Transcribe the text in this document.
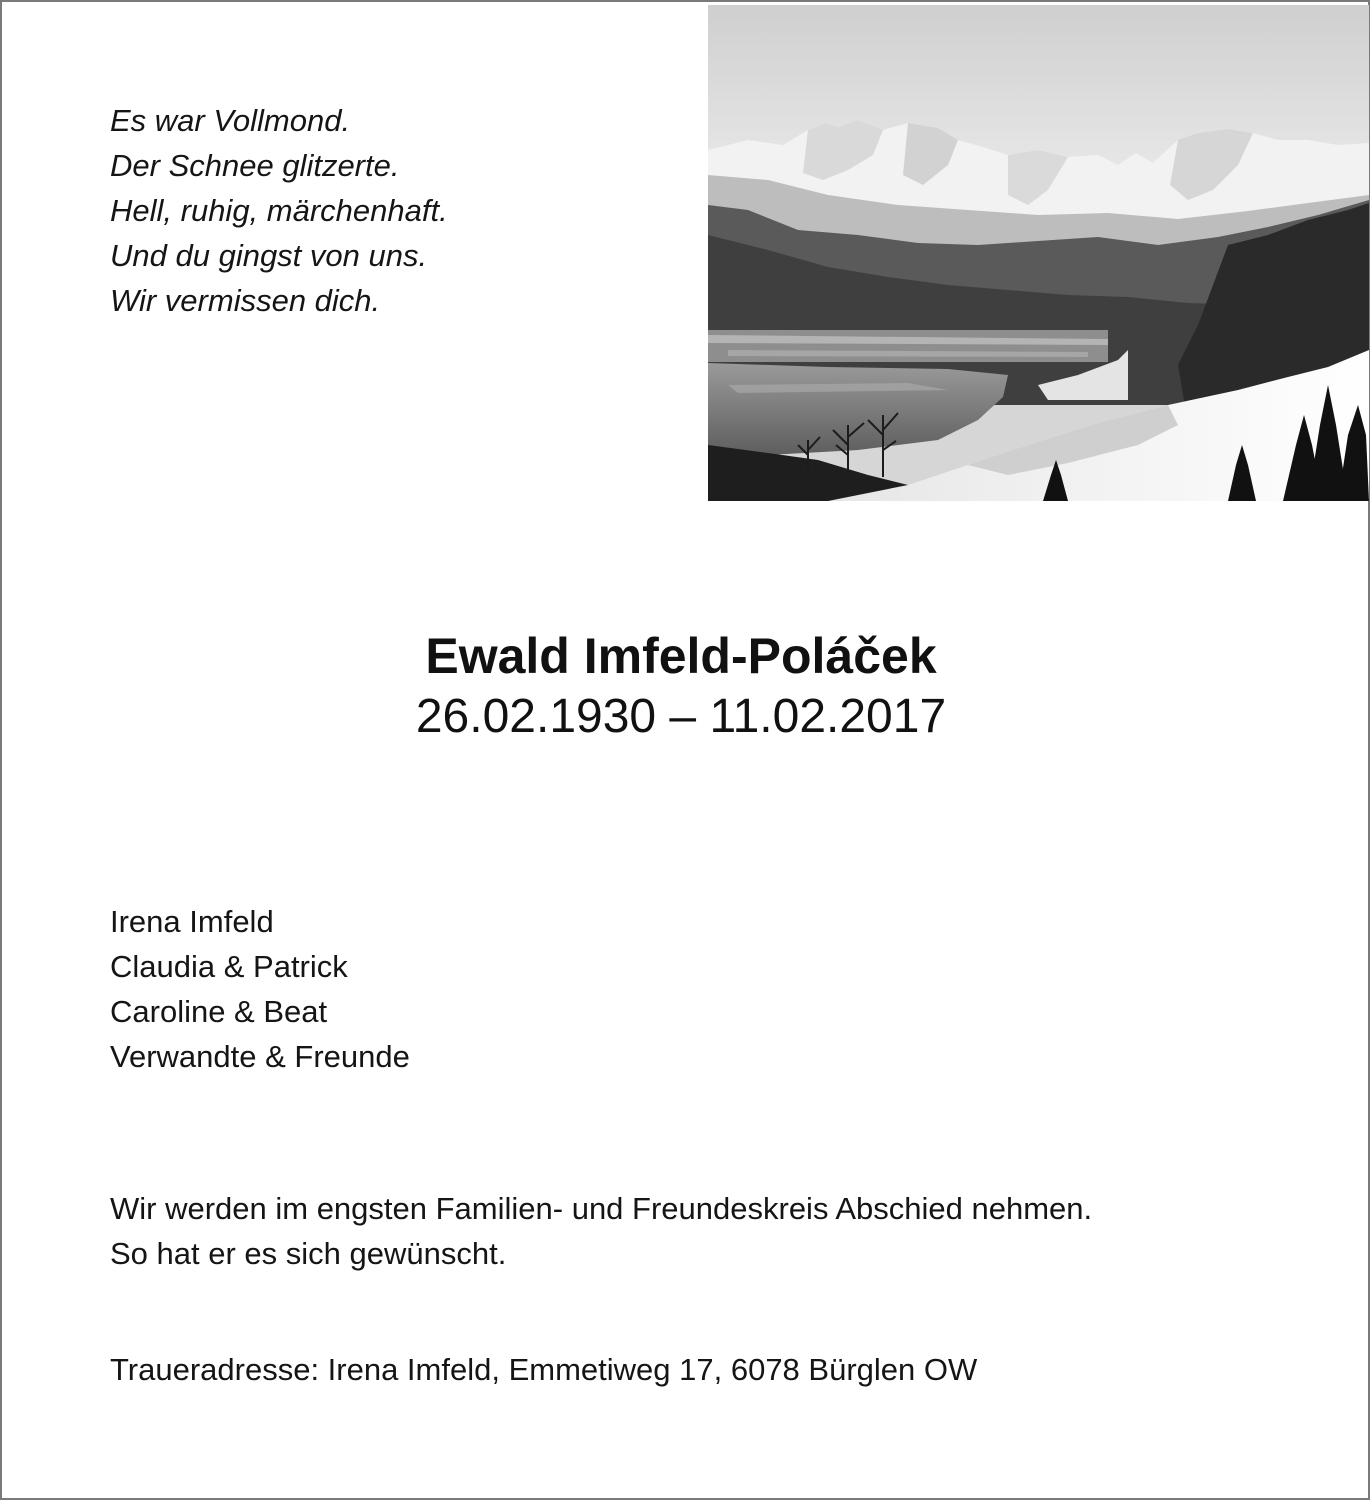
Es war Vollmond.
Der Schnee glitzerte.
Hell, ruhig, märchenhaft.
Und du gingst von uns.
Wir vermissen dich.
Ewald Imfeld-Poláček
26.02.1930 – 11.02.2017
Irena Imfeld
Claudia & Patrick
Caroline & Beat
Verwandte & Freunde
Wir werden im engsten Familien- und Freundeskreis Abschied nehmen.
So hat er es sich gewünscht.
Traueradresse: Irena Imfeld, Emmetiweg 17, 6078 Bürglen OW
